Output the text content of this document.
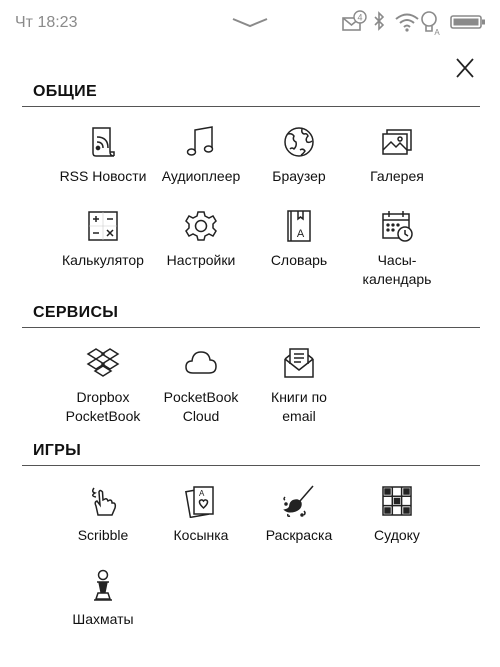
Чт 18:23	4
A
ОБЩИЕ
RSS Новости	Аудиоплеер	Браузер	Галерея
Калькулятор	Настройки
A
Словарь	Часы-
календарь
СЕРВИСЫ
Dropbox
PocketBook
PocketBook
Cloud
Книги по
email
ИГРЫ
Scribble
A
Косынка	Раскраска	Судоку
Шахматы
